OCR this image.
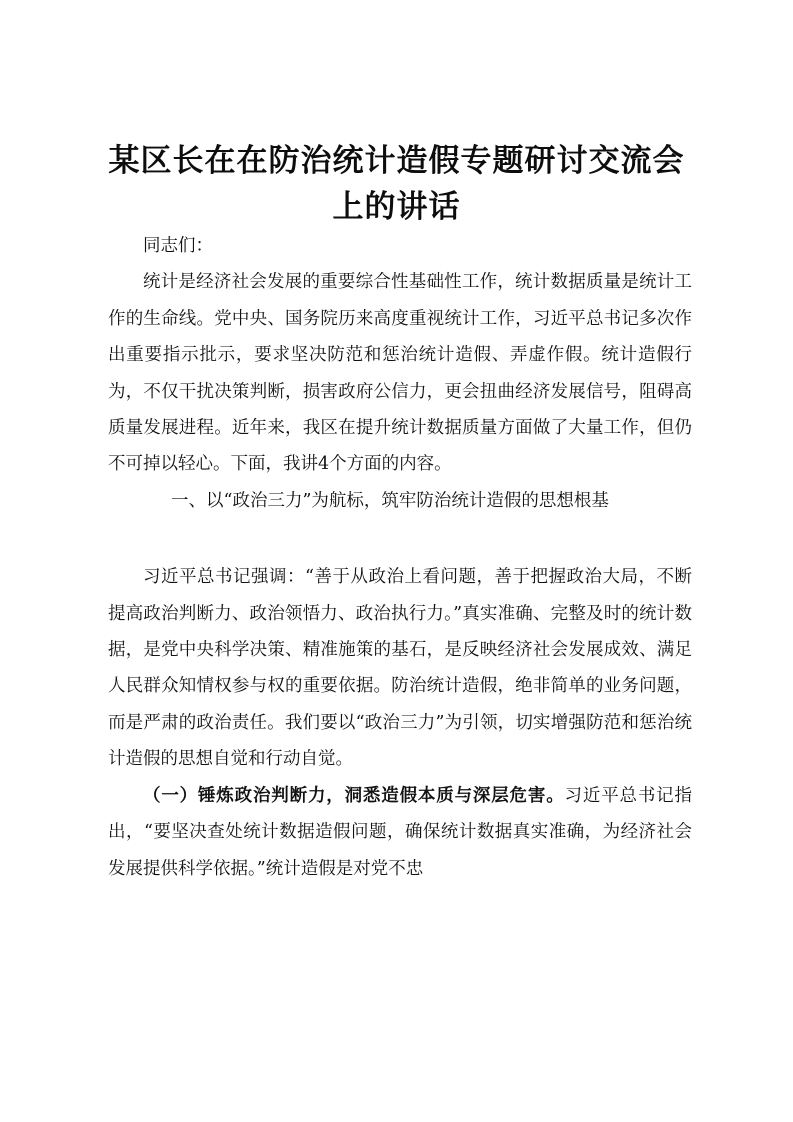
某区长在在防治统计造假专题研讨交流会上的讲话

同志们：

统计是经济社会发展的重要综合性基础性工作，统计数据质量是统计工作的生命线。党中央、国务院历来高度重视统计工作，习近平总书记多次作出重要指示批示，要求坚决防范和惩治统计造假、弄虚作假。统计造假行为，不仅干扰决策判断，损害政府公信力，更会扭曲经济发展信号，阻碍高质量发展进程。近年来，我区在提升统计数据质量方面做了大量工作，但仍不可掉以轻心。下面，我讲4个方面的内容。

一、以“政治三力”为航标，筑牢防治统计造假的思想根基

习近平总书记强调：“善于从政治上看问题，善于把握政治大局，不断提高政治判断力、政治领悟力、政治执行力。”真实准确、完整及时的统计数据，是党中央科学决策、精准施策的基石，是反映经济社会发展成效、满足人民群众知情权参与权的重要依据。防治统计造假，绝非简单的业务问题，而是严肃的政治责任。我们要以“政治三力”为引领，切实增强防范和惩治统计造假的思想自觉和行动自觉。

（一）锤炼政治判断力，洞悉造假本质与深层危害。习近平总书记指出，“要坚决查处统计数据造假问题，确保统计数据真实准确，为经济社会发展提供科学依据。”统计造假是对党不忠
